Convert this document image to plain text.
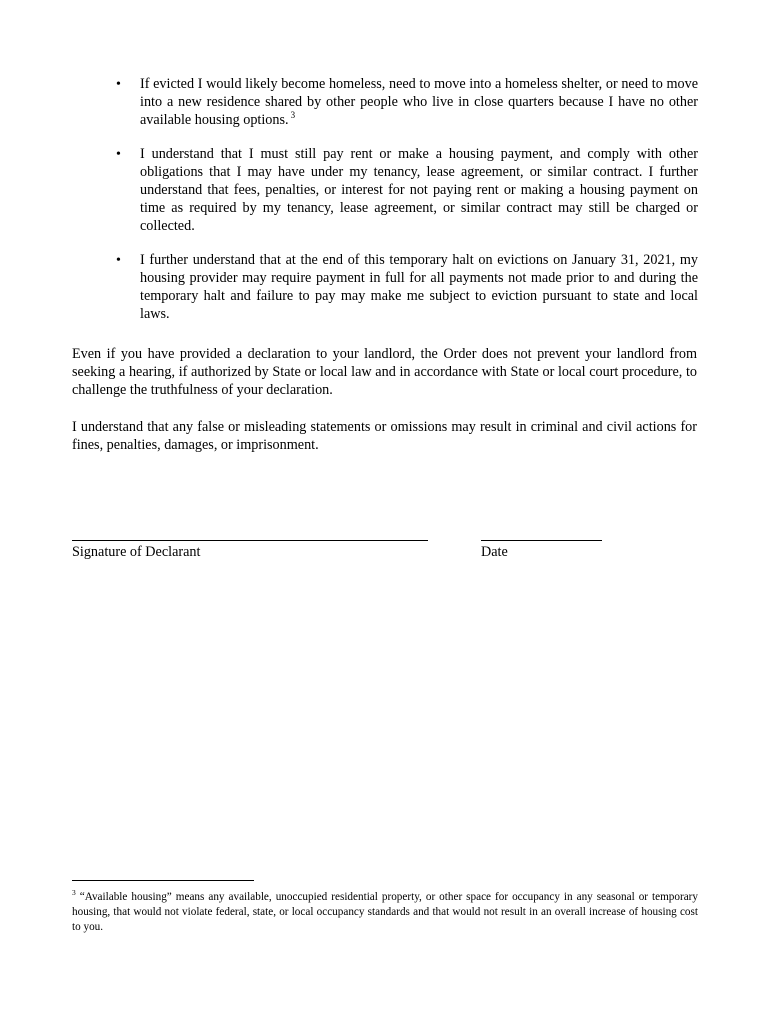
• If evicted I would likely become homeless, need to move into a homeless shelter, or need to move into a new residence shared by other people who live in close quarters because I have no other available housing options. $^3$
• I understand that I must still pay rent or make a housing payment, and comply with other obligations that I may have under my tenancy, lease agreement, or similar contract. I further understand that fees, penalties, or interest for not paying rent or making a housing payment on time as required by my tenancy, lease agreement, or similar contract may still be charged or collected.
• I further understand that at the end of this temporary halt on evictions on January 31, 2021, my housing provider may require payment in full for all payments not made prior to and during the temporary halt and failure to pay may make me subject to eviction pursuant to state and local laws.

Even if you have provided a declaration to your landlord, the Order does not prevent your landlord from seeking a hearing, if authorized by State or local law and in accordance with State or local court procedure, to challenge the truthfulness of your declaration.

I understand that any false or misleading statements or omissions may result in criminal and civil actions for fines, penalties, damages, or imprisonment.

Signature of Declarant	Date

$^3$ “Available housing” means any available, unoccupied residential property, or other space for occupancy in any seasonal or temporary housing, that would not violate federal, state, or local occupancy standards and that would not result in an overall increase of housing cost to you.
